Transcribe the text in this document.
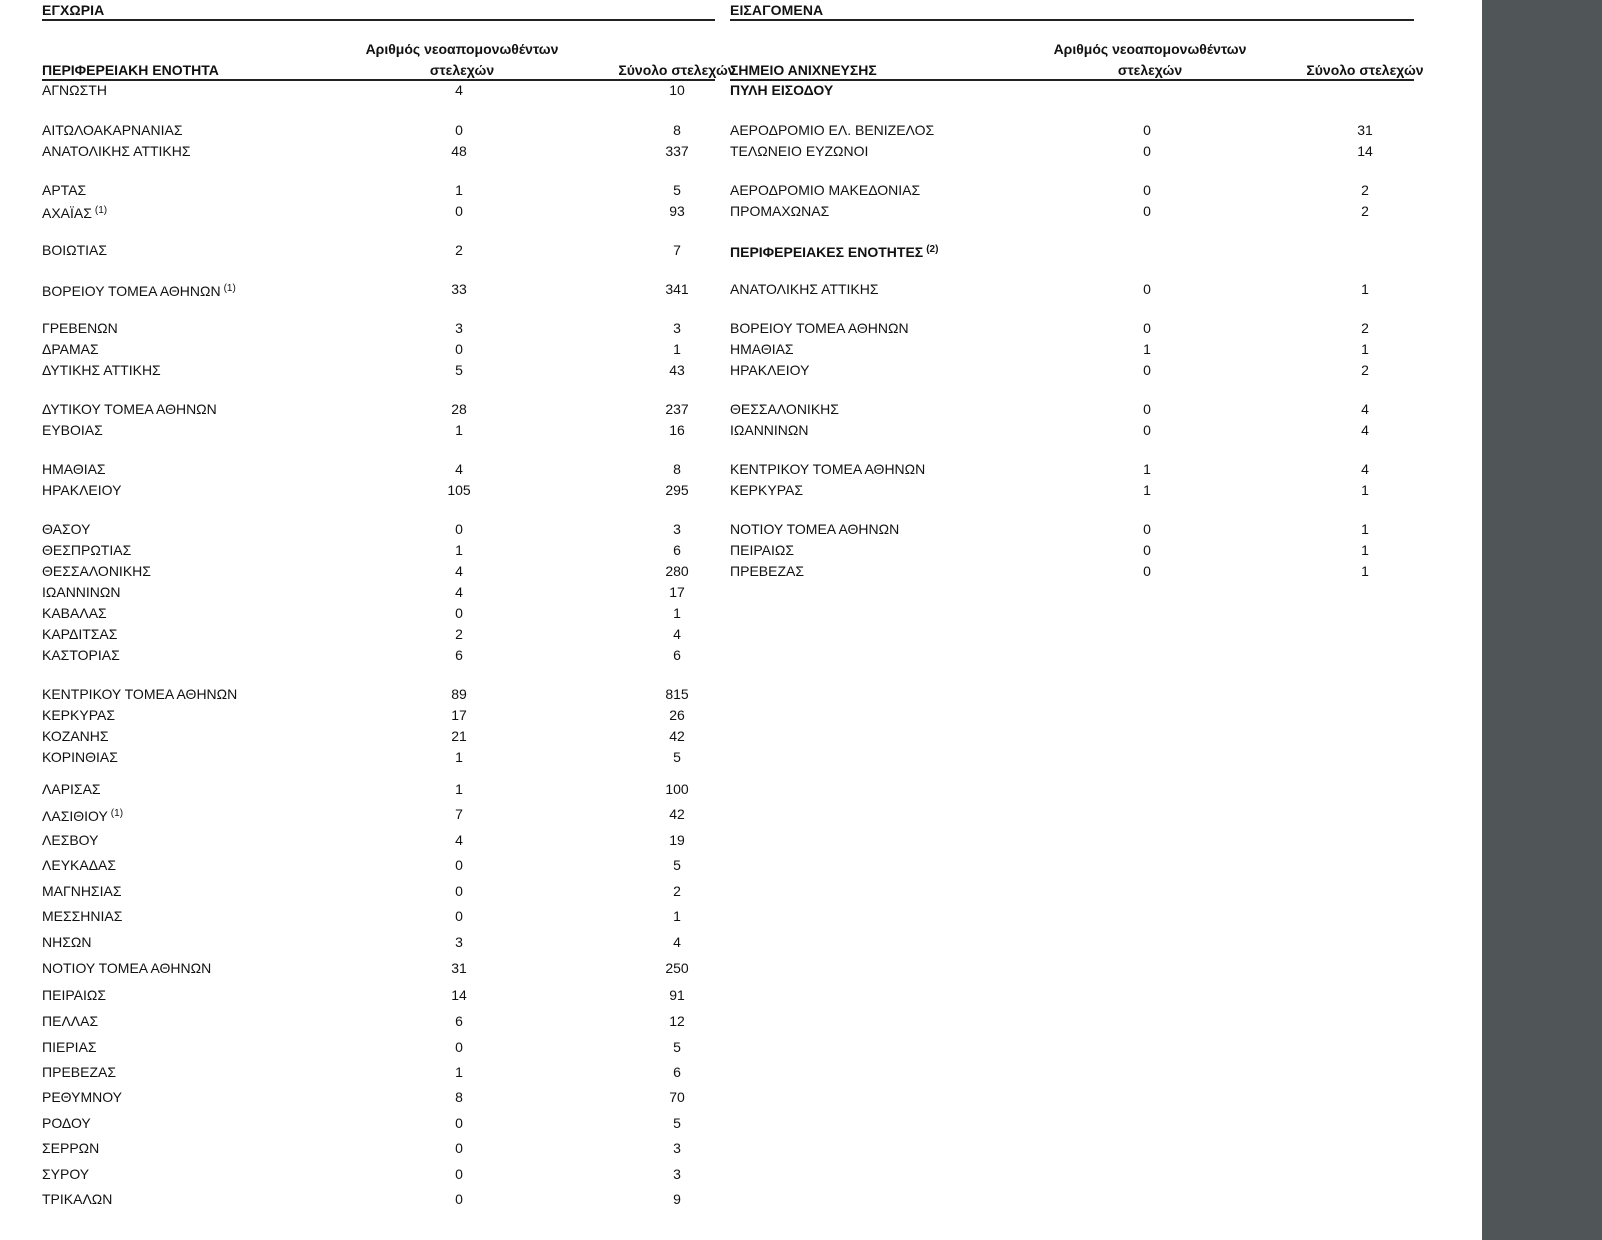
ΕΓΧΩΡΙΑ
ΠΕΡΙΦΕΡΕΙΑΚΗ ΕΝΟΤΗΤΑ
Αριθμός νεοαπομονωθέντων
στελεχών	Σύνολο στελεχών
ΑΓΝΩΣΤΗ	4	10
ΑΙΤΩΛΟΑΚΑΡΝΑΝΙΑΣ	0	8
ΑΝΑΤΟΛΙΚΗΣ ΑΤΤΙΚΗΣ	48	337
ΑΡΤΑΣ	1	5
ΑΧΑΪΑΣ $^{(1)}$	0	93
ΒΟΙΩΤΙΑΣ	2	7
ΒΟΡΕΙΟΥ ΤΟΜΕΑ ΑΘΗΝΩΝ $^{(1)}$	33	341
ΓΡΕΒΕΝΩΝ	3	3
ΔΡΑΜΑΣ	0	1
ΔΥΤΙΚΗΣ ΑΤΤΙΚΗΣ	5	43
ΔΥΤΙΚΟΥ ΤΟΜΕΑ ΑΘΗΝΩΝ	28	237
ΕΥΒΟΙΑΣ	1	16
ΗΜΑΘΙΑΣ	4	8
ΗΡΑΚΛΕΙΟΥ	105	295
ΘΑΣΟΥ	0	3
ΘΕΣΠΡΩΤΙΑΣ	1	6
ΘΕΣΣΑΛΟΝΙΚΗΣ	4	280
ΙΩΑΝΝΙΝΩΝ	4	17
ΚΑΒΑΛΑΣ	0	1
ΚΑΡΔΙΤΣΑΣ	2	4
ΚΑΣΤΟΡΙΑΣ	6	6
ΚΕΝΤΡΙΚΟΥ ΤΟΜΕΑ ΑΘΗΝΩΝ	89	815
ΚΕΡΚΥΡΑΣ	17	26
ΚΟΖΑΝΗΣ	21	42
ΚΟΡΙΝΘΙΑΣ	1	5
ΛΑΡΙΣΑΣ	1	100
ΛΑΣΙΘΙΟΥ $^{(1)}$	7	42
ΛΕΣΒΟΥ	4	19
ΛΕΥΚΑΔΑΣ	0	5
ΜΑΓΝΗΣΙΑΣ	0	2
ΜΕΣΣΗΝΙΑΣ	0	1
ΝΗΣΩΝ	3	4
ΝΟΤΙΟΥ ΤΟΜΕΑ ΑΘΗΝΩΝ	31	250
ΠΕΙΡΑΙΩΣ	14	91
ΠΕΛΛΑΣ	6	12
ΠΙΕΡΙΑΣ	0	5
ΠΡΕΒΕΖΑΣ	1	6
ΡΕΘΥΜΝΟΥ	8	70
ΡΟΔΟΥ	0	5
ΣΕΡΡΩΝ	0	3
ΣΥΡΟΥ	0	3
ΤΡΙΚΑΛΩΝ	0	9
ΕΙΣΑΓΟΜΕΝΑ
ΣΗΜΕΙΟ ΑΝΙΧΝΕΥΣΗΣ
Αριθμός νεοαπομονωθέντων
στελεχών	Σύνολο στελεχών
ΠΥΛΗ ΕΙΣΟΔΟΥ
ΑΕΡΟΔΡΟΜΙΟ ΕΛ. ΒΕΝΙΖΕΛΟΣ	0	31
ΤΕΛΩΝΕΙΟ ΕΥΖΩΝΟΙ	0	14
ΑΕΡΟΔΡΟΜΙΟ ΜΑΚΕΔΟΝΙΑΣ	0	2
ΠΡΟΜΑΧΩΝΑΣ	0	2
ΠΕΡΙΦΕΡΕΙΑΚΕΣ ΕΝΟΤΗΤΕΣ $^{(2)}$
ΑΝΑΤΟΛΙΚΗΣ ΑΤΤΙΚΗΣ	0	1
ΒΟΡΕΙΟΥ ΤΟΜΕΑ ΑΘΗΝΩΝ	0	2
ΗΜΑΘΙΑΣ	1	1
ΗΡΑΚΛΕΙΟΥ	0	2
ΘΕΣΣΑΛΟΝΙΚΗΣ	0	4
ΙΩΑΝΝΙΝΩΝ	0	4
ΚΕΝΤΡΙΚΟΥ ΤΟΜΕΑ ΑΘΗΝΩΝ	1	4
ΚΕΡΚΥΡΑΣ	1	1
ΝΟΤΙΟΥ ΤΟΜΕΑ ΑΘΗΝΩΝ	0	1
ΠΕΙΡΑΙΩΣ	0	1
ΠΡΕΒΕΖΑΣ	0	1
